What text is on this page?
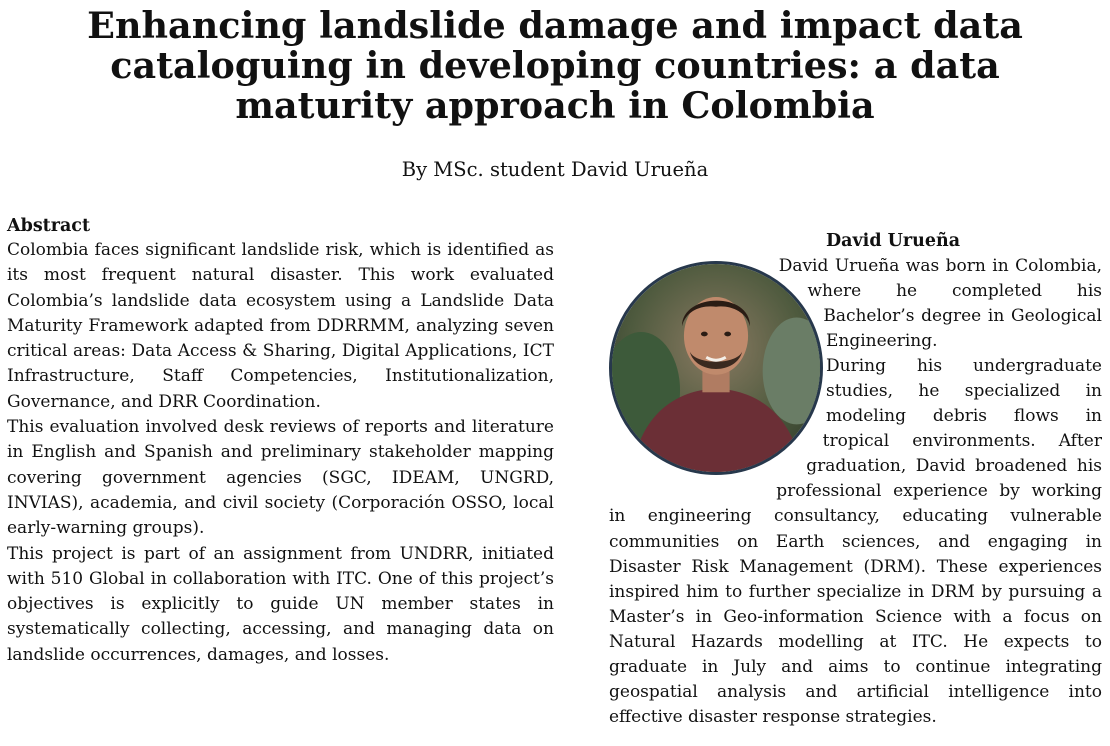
Enhancing landslide damage and impact data cataloguing in developing countries: a data maturity approach in Colombia
By MSc. student David Urueña
Abstract

Colombia faces significant landslide risk, which is identified as its most frequent natural disaster. This work evaluated Colombia’s landslide data ecosystem using a Landslide Data Maturity Framework adapted from DDRRMM, analyzing seven critical areas: Data Access & Sharing, Digital Applications, ICT Infrastructure, Staff Competencies, Institutionalization, Governance, and DRR Coordination.

This evaluation involved desk reviews of reports and literature in English and Spanish and preliminary stakeholder mapping covering government agencies (SGC, IDEAM, UNGRD, INVIAS), academia, and civil society (Corporación OSSO, local early-warning groups).

This project is part of an assignment from UNDRR, initiated with 510 Global in collaboration with ITC. One of this project’s objectives is explicitly to guide UN member states in systematically collecting, accessing, and managing data on landslide occurrences, damages, and losses.

David Urueña

David Urueña was born in Colombia, where he completed his Bachelor’s degree in Geological Engineering.

During his undergraduate studies, he specialized in modeling debris flows in tropical environments. After graduation, David broadened his professional experience by working in engineering consultancy, educating vulnerable communities on Earth sciences, and engaging in Disaster Risk Management (DRM). These experiences inspired him to further specialize in DRM by pursuing a Master’s in Geo-information Science with a focus on Natural Hazards modelling at ITC. He expects to graduate in July and aims to continue integrating geospatial analysis and artificial intelligence into effective disaster response strategies.
